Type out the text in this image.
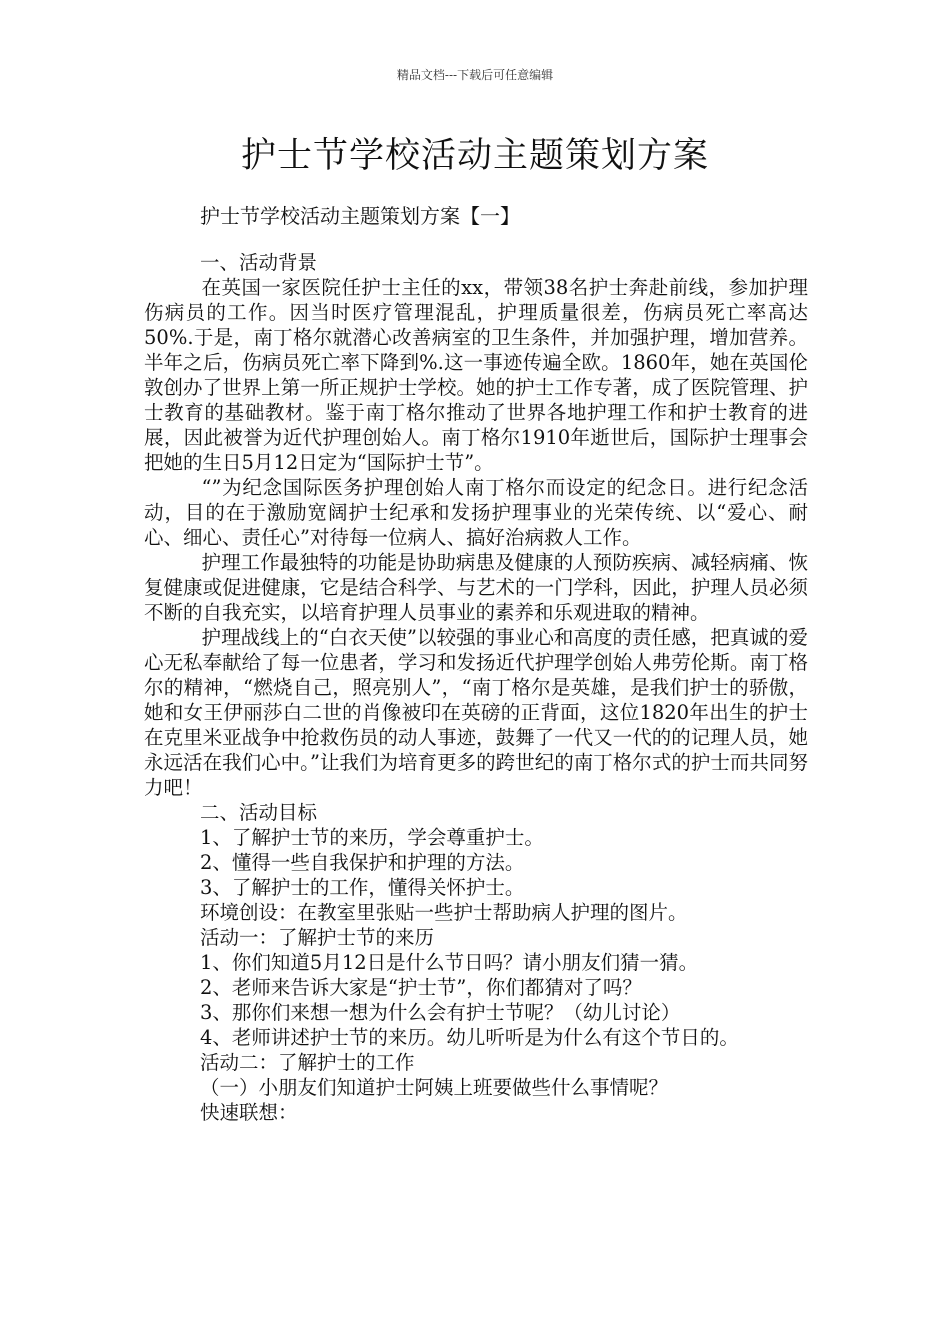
精品文档---下载后可任意编辑
护士节学校活动主题策划方案
护士节学校活动主题策划方案【一】

一、活动背景

在英国一家医院任护士主任的xx，带领38名护士奔赴前线，参加护理伤病员的工作。因当时医疗管理混乱，护理质量很差，伤病员死亡率高达50%.于是，南丁格尔就潜心改善病室的卫生条件，并加强护理，增加营养。半年之后，伤病员死亡率下降到%.这一事迹传遍全欧。1860年，她在英国伦敦创办了世界上第一所正规护士学校。她的护士工作专著，成了医院管理、护士教育的基础教材。鉴于南丁格尔推动了世界各地护理工作和护士教育的进展，因此被誉为近代护理创始人。南丁格尔1910年逝世后，国际护士理事会把她的生日5月12日定为“国际护士节”。

“”为纪念国际医务护理创始人南丁格尔而设定的纪念日。进行纪念活动，目的在于激励宽阔护士纪承和发扬护理事业的光荣传统、以“爱心、耐心、细心、责任心”对待每一位病人、搞好治病救人工作。

护理工作最独特的功能是协助病患及健康的人预防疾病、减轻病痛、恢复健康或促进健康，它是结合科学、与艺术的一门学科，因此，护理人员必须不断的自我充实，以培育护理人员事业的素养和乐观进取的精神。

护理战线上的“白衣天使”以较强的事业心和高度的责任感，把真诚的爱心无私奉献给了每一位患者，学习和发扬近代护理学创始人弗劳伦斯。南丁格尔的精神，“燃烧自己，照亮别人”，“南丁格尔是英雄，是我们护士的骄傲，她和女王伊丽莎白二世的肖像被印在英磅的正背面，这位1820年出生的护士在克里米亚战争中抢救伤员的动人事迹，鼓舞了一代又一代的的记理人员，她永远活在我们心中。”让我们为培育更多的跨世纪的南丁格尔式的护士而共同努力吧！

二、活动目标

1、了解护士节的来历，学会尊重护士。

2、懂得一些自我保护和护理的方法。

3、了解护士的工作，懂得关怀护士。

环境创设：在教室里张贴一些护士帮助病人护理的图片。

活动一：了解护士节的来历

1、你们知道5月12日是什么节日吗？请小朋友们猜一猜。

2、老师来告诉大家是“护士节”，你们都猜对了吗？

3、那你们来想一想为什么会有护士节呢？（幼儿讨论）

4、老师讲述护士节的来历。幼儿听听是为什么有这个节日的。

活动二：了解护士的工作

（一）小朋友们知道护士阿姨上班要做些什么事情呢？

快速联想：
